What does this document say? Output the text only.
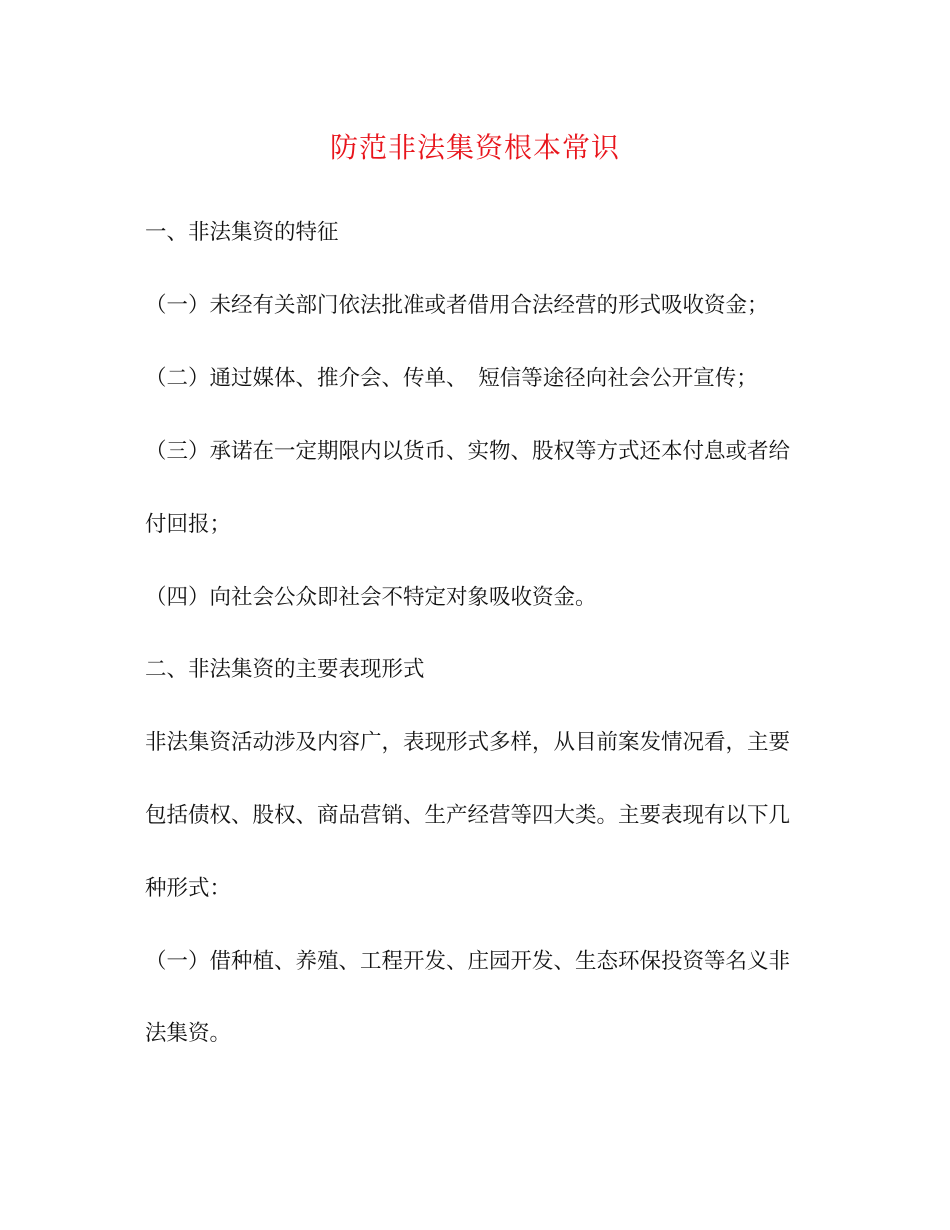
防范非法集资根本常识
一、非法集资的特征
（一）未经有关部门依法批准或者借用合法经营的形式吸收资金；
（二）通过媒体、推介会、传单、　短信等途径向社会公开宣传；
（三）承诺在一定期限内以货币、实物、股权等方式还本付息或者给
付回报；
（四）向社会公众即社会不特定对象吸收资金。
二、非法集资的主要表现形式
非法集资活动涉及内容广，表现形式多样，从目前案发情况看，主要
包括债权、股权、商品营销、生产经营等四大类。主要表现有以下几
种形式：
（一）借种植、养殖、工程开发、庄园开发、生态环保投资等名义非
法集资。
